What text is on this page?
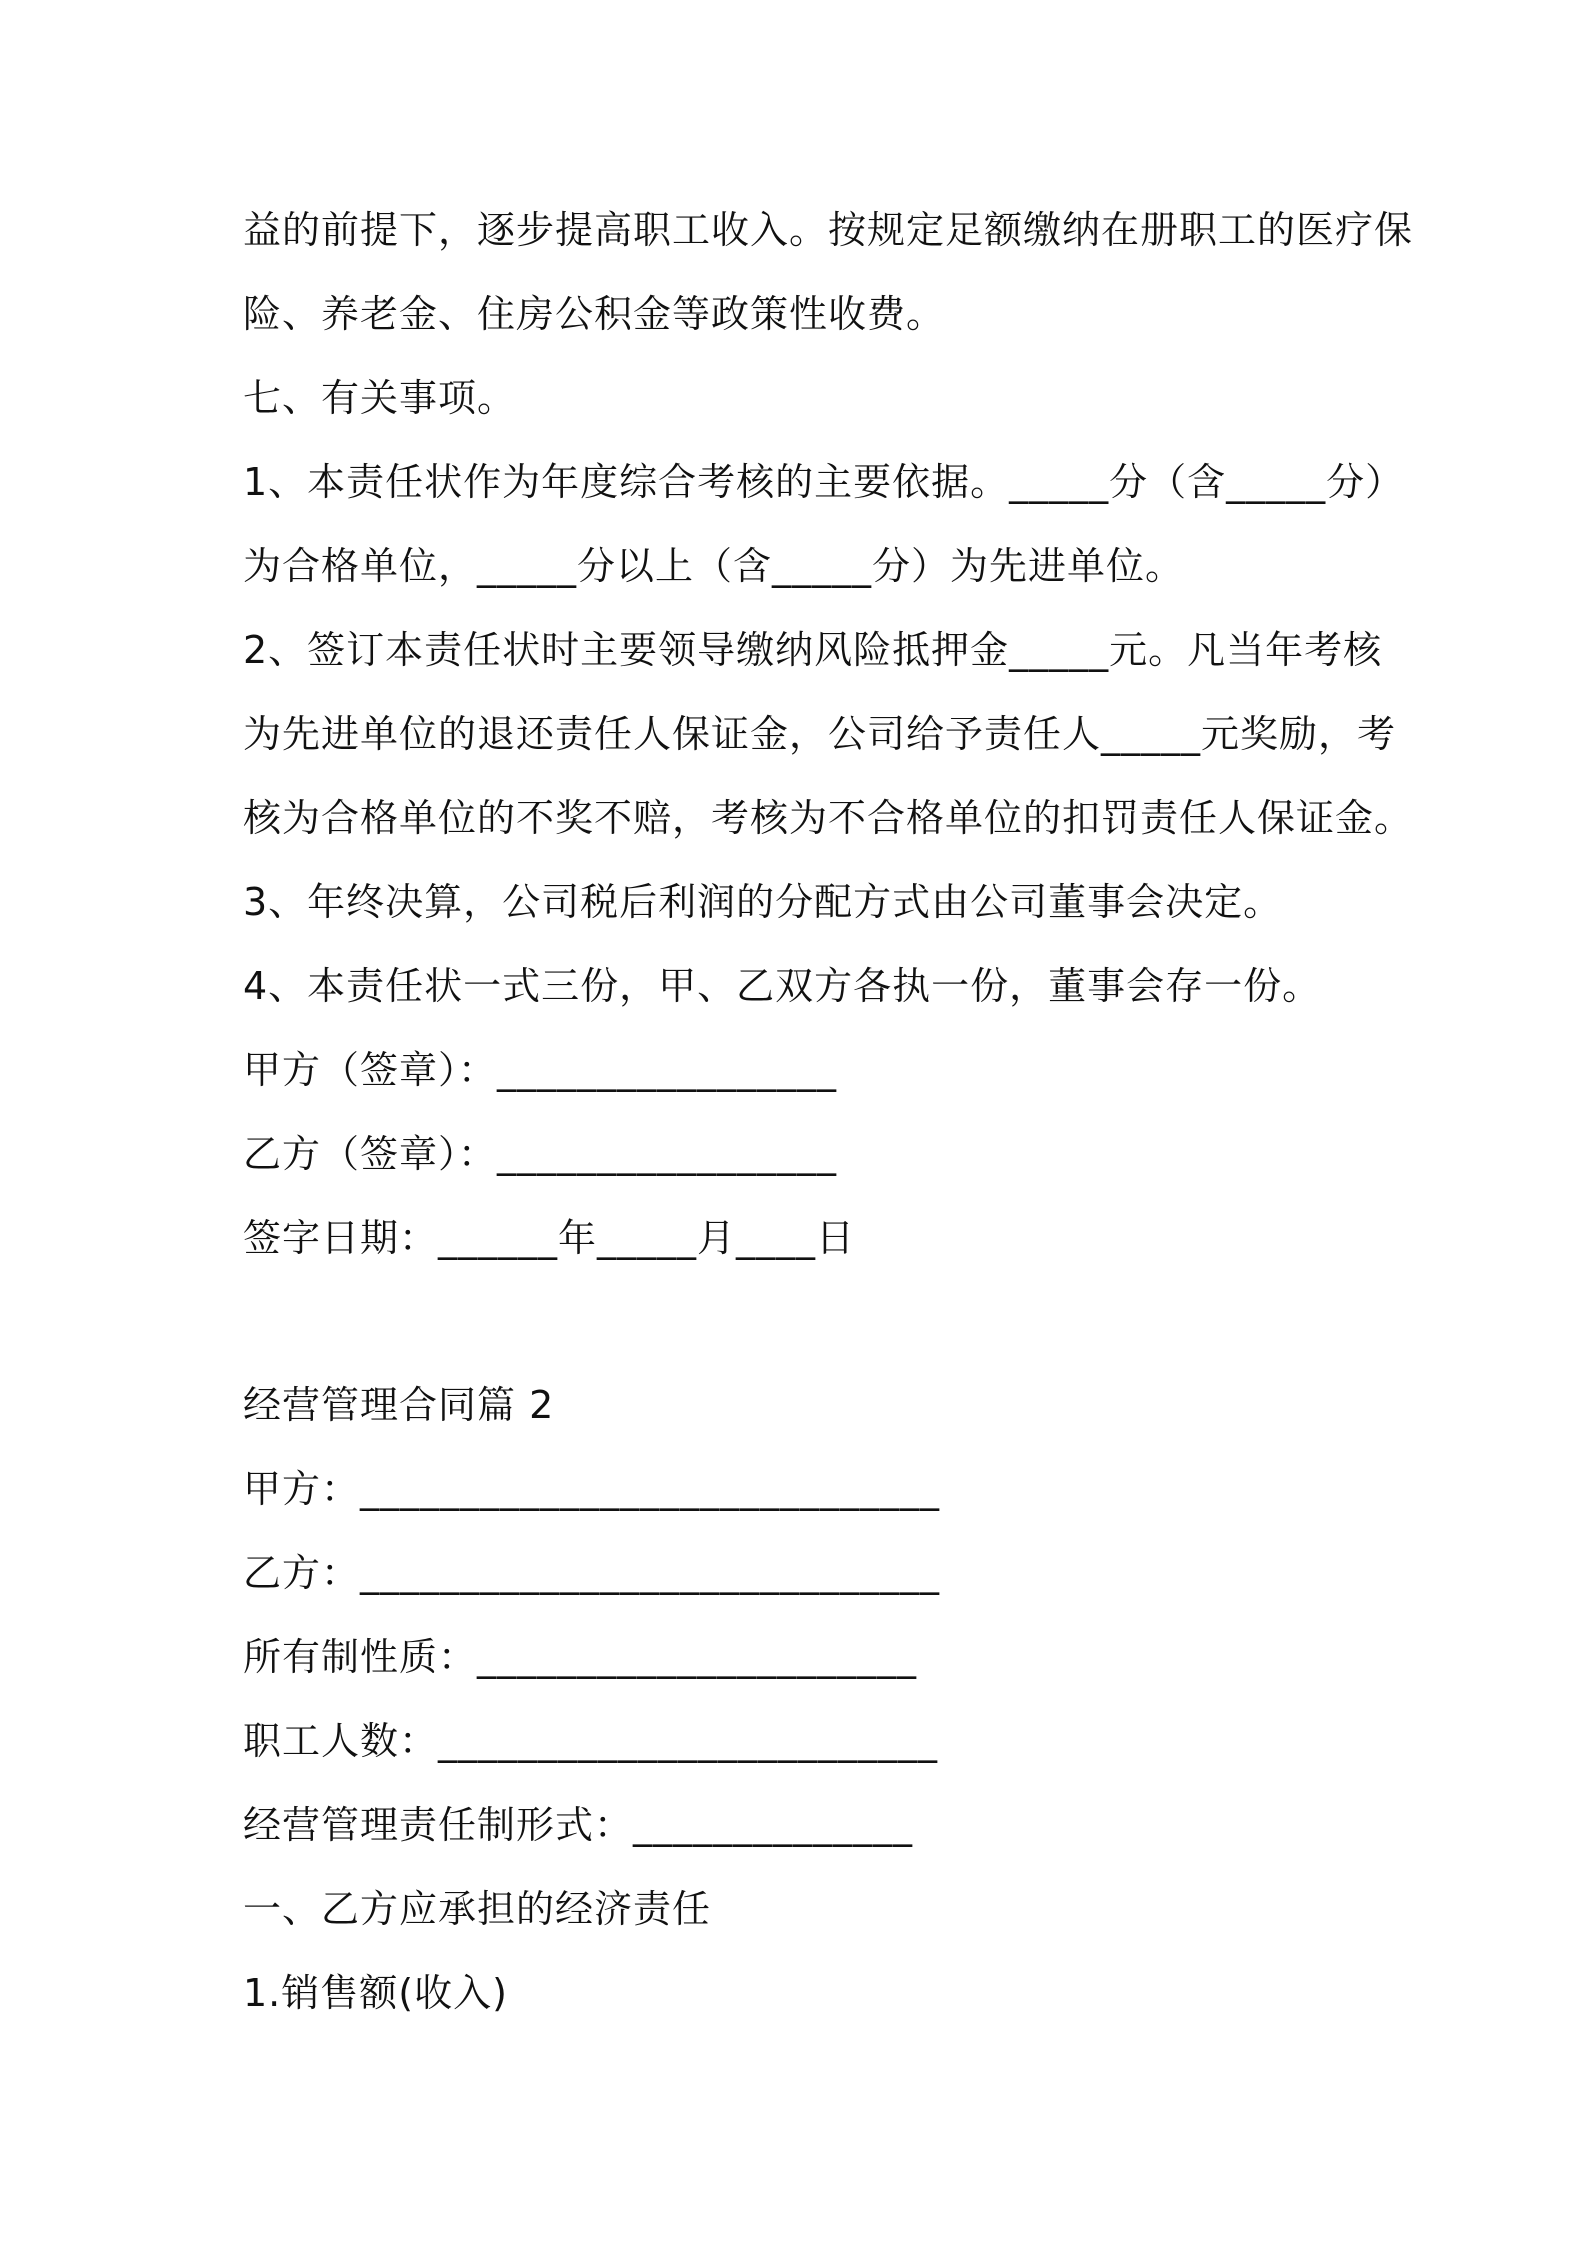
益的前提下，逐步提高职工收入。按规定足额缴纳在册职工的医疗保
险、养老金、住房公积金等政策性收费。
七、有关事项。
1、本责任状作为年度综合考核的主要依据。_____分（含_____分）
为合格单位，_____分以上（含_____分）为先进单位。
2、签订本责任状时主要领导缴纳风险抵押金_____元。凡当年考核
为先进单位的退还责任人保证金，公司给予责任人_____元奖励，考
核为合格单位的不奖不赔，考核为不合格单位的扣罚责任人保证金。
3、年终决算，公司税后利润的分配方式由公司董事会决定。
4、本责任状一式三份，甲、乙双方各执一份，董事会存一份。
甲方（签章）：_________________
乙方（签章）：_________________
签字日期：______年_____月____日
经营管理合同篇 2
甲方：_____________________________
乙方：_____________________________
所有制性质：______________________
职工人数：_________________________
经营管理责任制形式：______________
一、乙方应承担的经济责任
1.销售额(收入)
